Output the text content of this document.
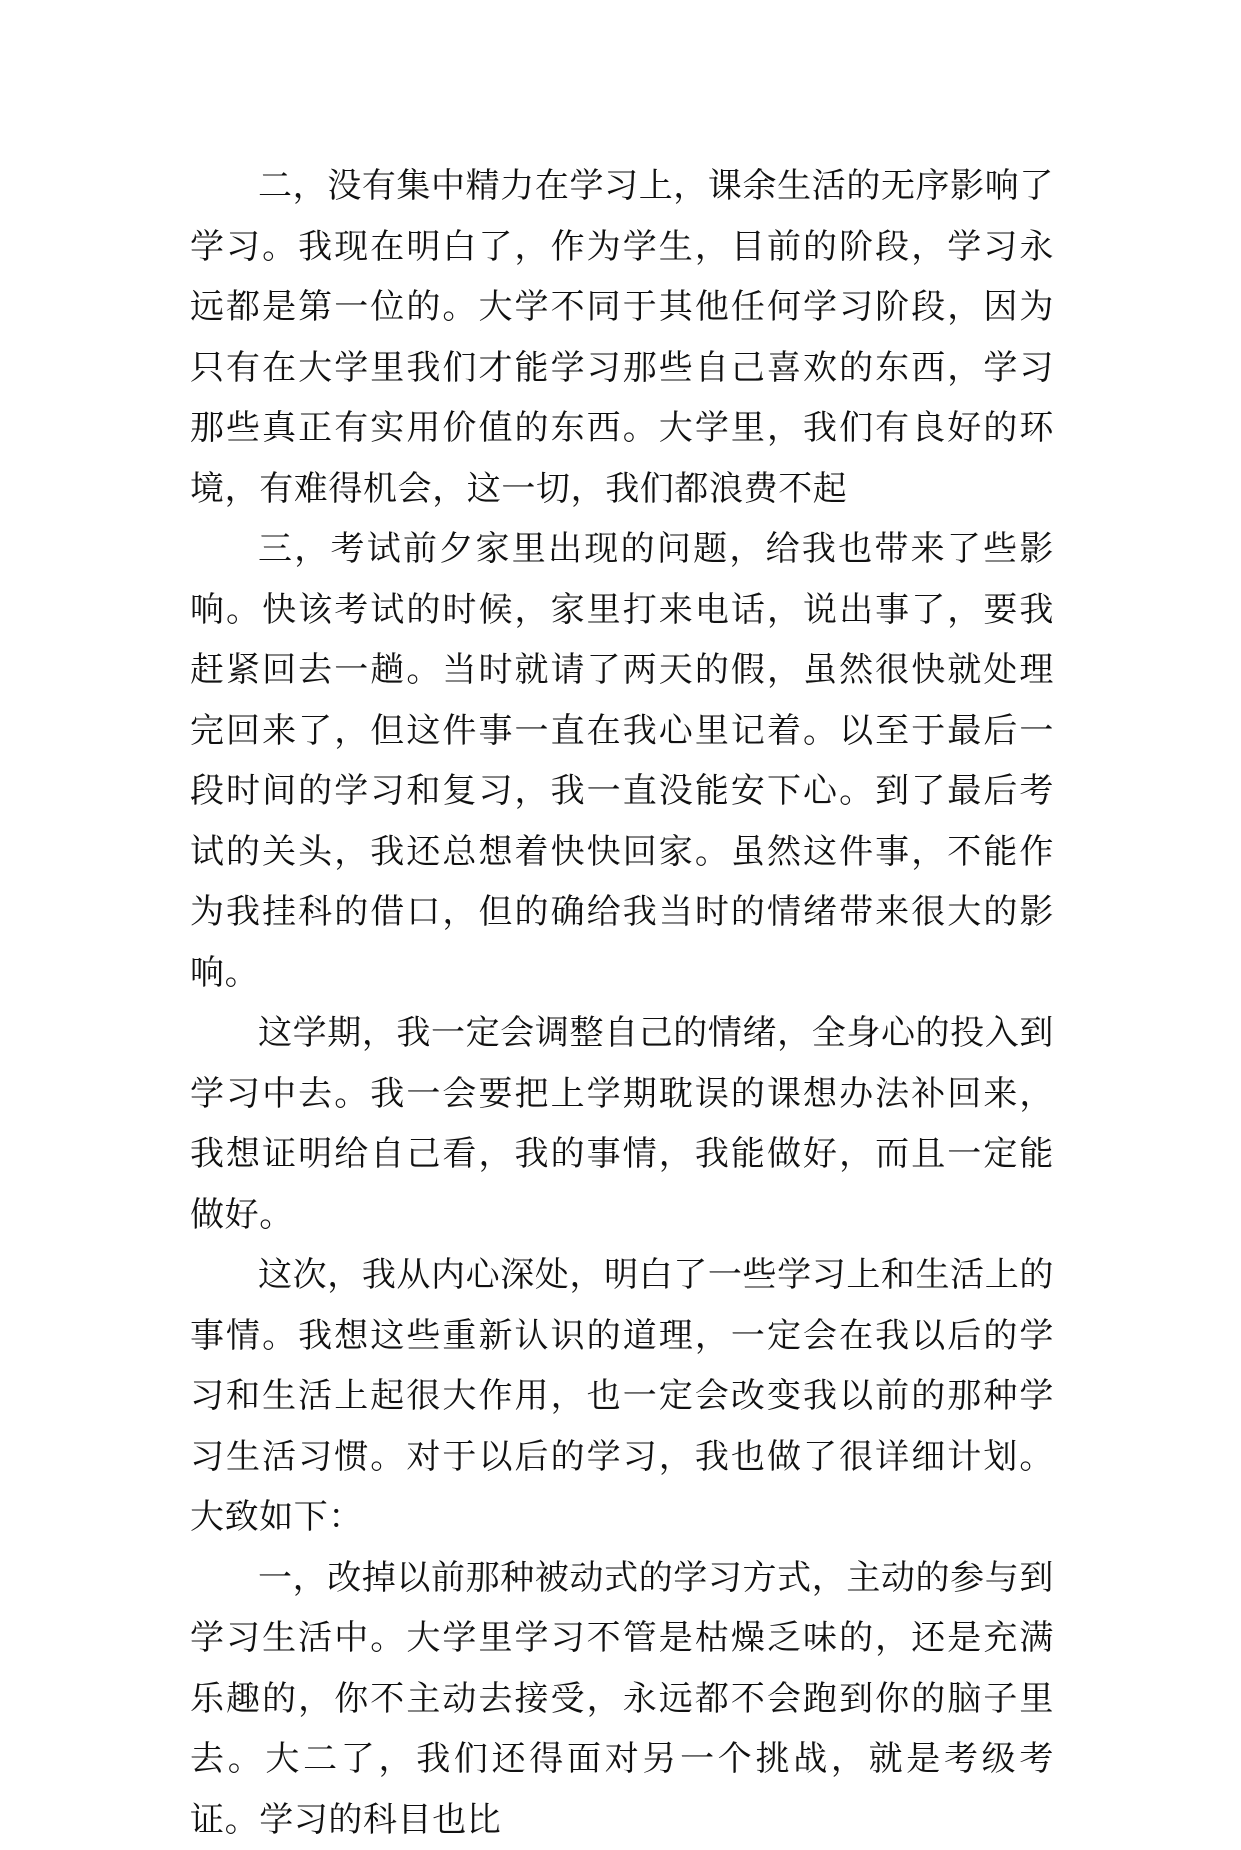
二，没有集中精力在学习上，课余生活的无序影响了学习。我现在明白了，作为学生，目前的阶段，学习永远都是第一位的。大学不同于其他任何学习阶段，因为只有在大学里我们才能学习那些自己喜欢的东西，学习那些真正有实用价值的东西。大学里，我们有良好的环境，有难得机会，这一切，我们都浪费不起

三，考试前夕家里出现的问题，给我也带来了些影响。快该考试的时候，家里打来电话，说出事了，要我赶紧回去一趟。当时就请了两天的假，虽然很快就处理完回来了，但这件事一直在我心里记着。以至于最后一段时间的学习和复习，我一直没能安下心。到了最后考试的关头，我还总想着快快回家。虽然这件事，不能作为我挂科的借口，但的确给我当时的情绪带来很大的影响。

这学期，我一定会调整自己的情绪，全身心的投入到学习中去。我一会要把上学期耽误的课想办法补回来，我想证明给自己看，我的事情，我能做好，而且一定能做好。

这次，我从内心深处，明白了一些学习上和生活上的事情。我想这些重新认识的道理，一定会在我以后的学习和生活上起很大作用，也一定会改变我以前的那种学习生活习惯。对于以后的学习，我也做了很详细计划。大致如下：

一，改掉以前那种被动式的学习方式，主动的参与到学习生活中。大学里学习不管是枯燥乏味的，还是充满乐趣的，你不主动去接受，永远都不会跑到你的脑子里去。大二了，我们还得面对另一个挑战，就是考级考证。学习的科目也比
